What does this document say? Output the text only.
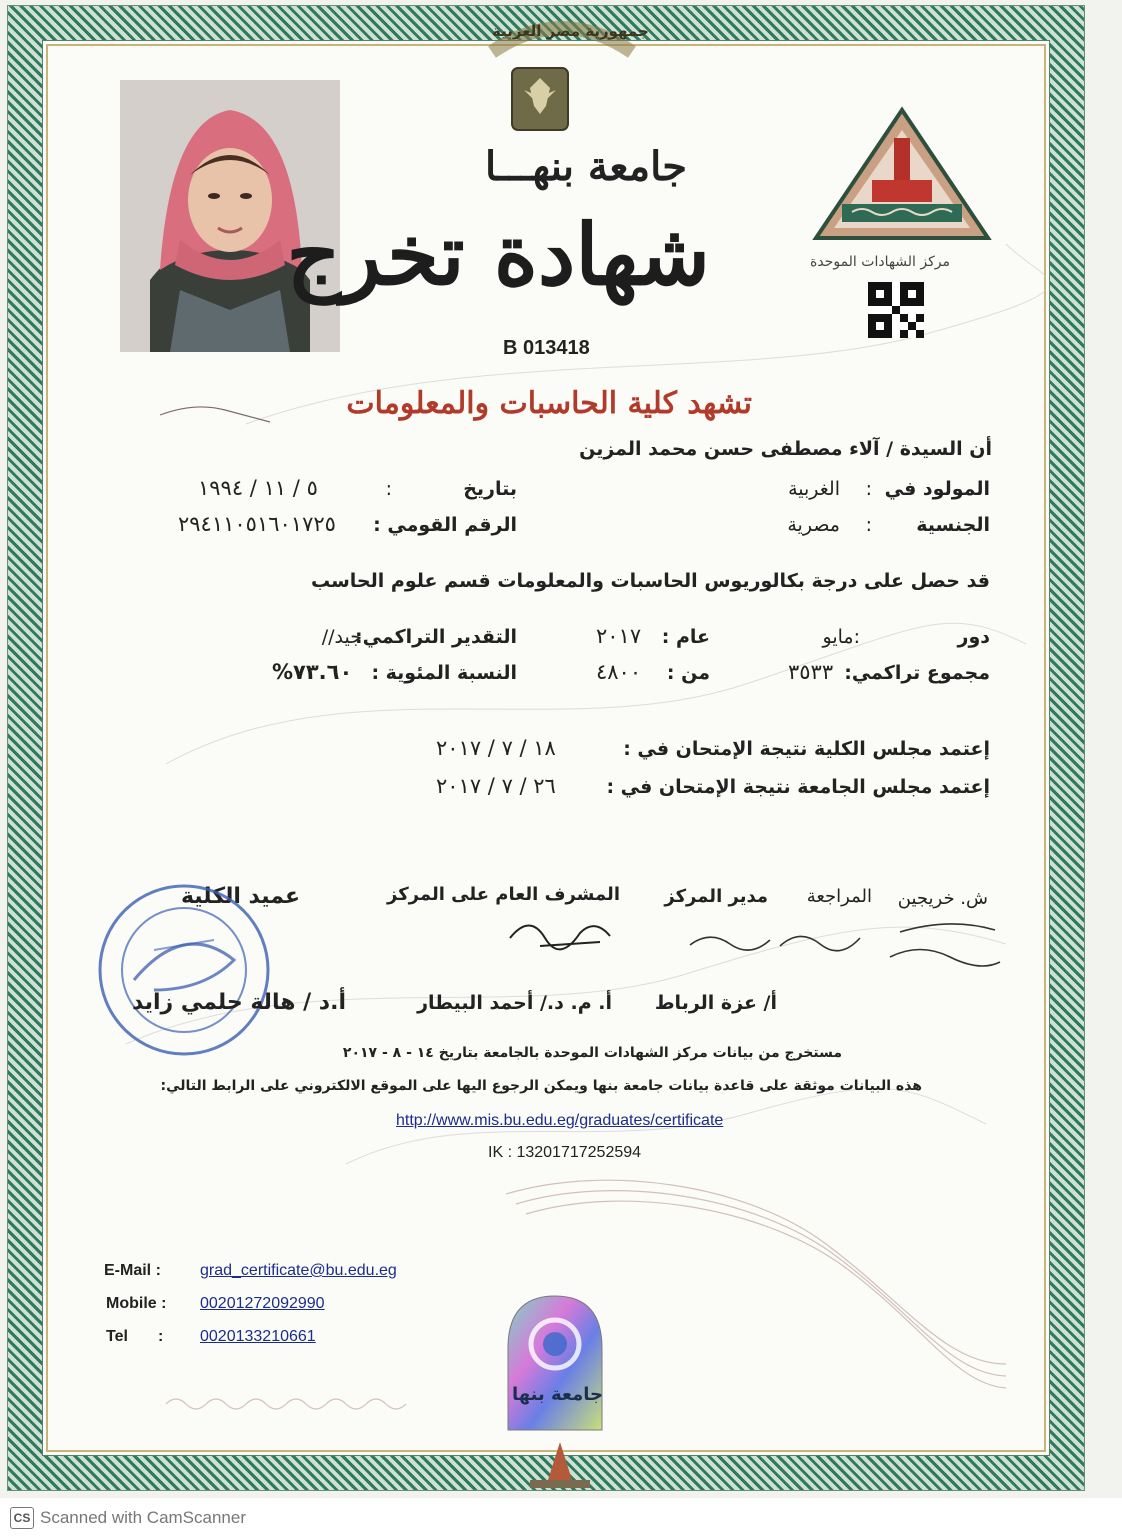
جمهورية مصر العربية
جامعة بنهـــا
شهادة تخرج
B 013418
مركز الشهادات الموحدة
تشهد كلية الحاسبات والمعلومات
أن السيدة / آلاء مصطفى حسن محمد المزين
المولود في
:
الغربية
بتاريخ
:
٥ / ١١ / ١٩٩٤
الجنسية
:
مصرية
الرقم القومي :
٢٩٤١١٠٥١٦٠١٧٢٥
قد حصل على درجة بكالوريوس الحاسبات والمعلومات قسم علوم الحاسب
دور
:مايو
عام :
٢٠١٧
التقدير التراكمي:
جيد//
مجموع تراكمي:
٣٥٣٣
من :
٤٨٠٠
النسبة المئوية :
٧٣.٦٠%
إعتمد مجلس الكلية نتيجة الإمتحان في :
١٨ / ٧ / ٢٠١٧
إعتمد مجلس الجامعة نتيجة الإمتحان في :
٢٦ / ٧ / ٢٠١٧
ش. خريجين
المراجعة
مدير المركز
المشرف العام على المركز
عميد الكلية
أ/ عزة الرباط
أ. م. د./ أحمد البيطار
أ.د / هالة حلمي زايد
مستخرج من بيانات مركز الشهادات الموحدة بالجامعة بتاريخ ١٤ - ٨ - ٢٠١٧
هذه البيانات موثقة على قاعدة بيانات جامعة بنها ويمكن الرجوع اليها على الموقع الالكتروني على الرابط التالي:
http://www.mis.bu.edu.eg/graduates/certificate
IK : 13201717252594
E-Mail : grad_certificate@bu.edu.eg
Mobile : 00201272092990
Tel : 0020133210661
جامعة بنها
CS Scanned with CamScanner
